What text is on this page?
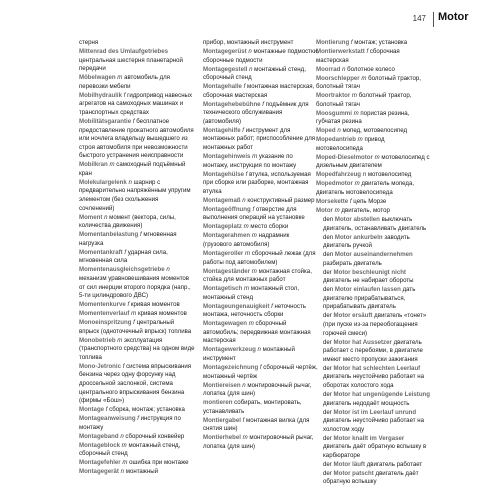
147 Motor
стерня
Mittenrad des Umlaufgetriebes центральная шестерня планетарной передачи
Möbelwagen m автомобиль для перевозки мебели
Mobilhydraulik f гидропривод навесных агрегатов на самоходных машинах и транспортных средствах
Mobilitätsgarantie f бесплатное предоставление прокатного автомобиля или ночлега владельцу вышедшего из строя автомобиля при невозможности быстрого устранения неисправности
Mobilkran m самоходный подъёмный кран
Molekulargelenk n шарнир с предварительно напряжённым упругим элементом (без скольжения сочленений)
Moment n момент (вектора, силы, количества движения)
Momentanbelastung f мгновенная нагрузка
Momentankraft f ударная сила, мгновенная сила
Momentenausgleichsgetriebe n механизм уравновешивания моментов от сил инерции второго порядка (напр., 5-ти цилиндрового ДВС)
Momentenkurve f кривая моментов
Momentenverlauf m кривая моментов
Monoeinspritzung f центральный впрыск (одноточечный впрыск) топлива
Monobetrieb m эксплуатация (транспортного средства) на одном виде топлива
Mono-Jetronic f система впрыскивания бензина через одну форсунку над дроссельной заслонкой, система центрального впрыскивания бензина (фирмы «Бош»)
Montage f сборка, монтаж; установка
Montageanweisung f инструкция по монтажу
Montageband n сборочный конвейер
Montageblock m монтажный стенд, сборочный стенд
Montagefehler m ошибка при монтаже
Montagegerät n монтажный
прибор, монтажный инструмент
Montagegerüst n монтажные подмостки, сборочные подмости
Montagegestell n монтажный стенд, сборочный стенд
Montagehalle f монтажная мастерская, сборочная мастерская
Montagehebebühne f подъёмник для технического обслуживания (автомобиля)
Montagehilfe f инструмент для монтажных работ; приспособление для монтажных работ
Montagehinweis m указание по монтажу, инструкция по монтажу
Montagehülse f втулка, используемая при сборке или разборке, монтажная втулка
Montagemaß n конструктивный размер
Montageöffnung f отверстие для выполнения операций на установке
Montageplatz m место сборки
Montagerahmen m надрамник (грузового автомобиля)
Montageroller m сборочный лежак (для работы под автомобилем)
Montageständer m монтажная стойка, стойка для монтажных работ
Montagetisch m монтажный стол, монтажный стенд
Montageungenauigkeit f неточность монтажа, неточность сборки
Montagewagen m сборочный автомобиль; передвижная монтажная мастерская
Montagewerkzeug n монтажный инструмент
Montagezeichnung f сборочный чертёж, монтажный чертёж
Montiereisen n монтировочный рычаг, лопатка (для шин)
montieren собирать, монтировать, устанавливать
Montiergabel f монтажная вилка (для снятия шин)
Montierhebel m монтировочный рычаг, лопатка (для шин)
Montierung f монтаж; установка
Montierwerkstatt f сборочная мастерская
Moorrad n болотное колесо
Moorschlepper m болотный трактор, болотный тягач
Moortraktor m болотный трактор, болотный тягач
Moosgummi m пористая резина, губчатая резина
Moped n мопед, мотовелосипед
Mopedantrieb m привод мотовелосипеда
Moped-Dieselmotor m мотовелосипед с дизельным двигателем
Mopedfahrzeug n мотовелосипед
Mopedmotor m двигатель мопеда, двигатель мотовелосипеда
Morsekette f цепь Морзе
Motor m двигатель, мотор
den Motor abstellen выключать двигатель, останавливать двигатель
den Motor ankurbeln заводить двигатель ручкой
den Motor auseinandernehmen разбирать двигатель
der Motor beschleunigt nicht двигатель не набирает обороты
den Motor einlaufen lassen дать двигателю прирабатываться, прирабатывать двигатель
der Motor ersäuft двигатель «тонет» (при пуске из-за переобогащения горючей смеси)
der Motor hat Aussetzer двигатель работает с перебоями, в двигателе имеют место пропуски зажигания
der Motor hat schlechten Leerlauf двигатель неустойчиво работает на оборотах холостого хода
der Motor hat ungenügende Leistung двигатель недодаёт мощность
der Motor ist im Leerlauf unrund двигатель неустойчиво работает на холостом ходу
der Motor knallt im Vergaser двигатель даёт обратную вспышку в карбюраторе
der Motor läuft двигатель работает
der Motor patscht двигатель даёт обратную вспышку
